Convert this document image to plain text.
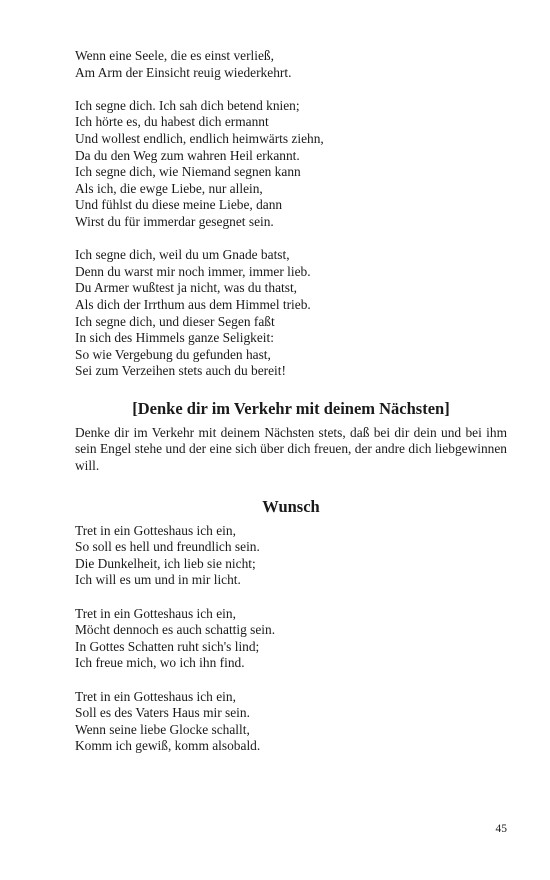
Wenn eine Seele, die es einst verließ,
Am Arm der Einsicht reuig wiederkehrt.
Ich segne dich. Ich sah dich betend knien;
Ich hörte es, du habest dich ermannt
Und wollest endlich, endlich heimwärts ziehn,
Da du den Weg zum wahren Heil erkannt.
Ich segne dich, wie Niemand segnen kann
Als ich, die ewge Liebe, nur allein,
Und fühlst du diese meine Liebe, dann
Wirst du für immerdar gesegnet sein.
Ich segne dich, weil du um Gnade batst,
Denn du warst mir noch immer, immer lieb.
Du Armer wußtest ja nicht, was du thatst,
Als dich der Irrthum aus dem Himmel trieb.
Ich segne dich, und dieser Segen faßt
In sich des Himmels ganze Seligkeit:
So wie Vergebung du gefunden hast,
Sei zum Verzeihen stets auch du bereit!
[Denke dir im Verkehr mit deinem Nächsten]

Denke dir im Verkehr mit deinem Nächsten stets, daß bei dir dein und bei ihm sein Engel stehe und der eine sich über dich freuen, der andre dich liebgewinnen will.

Wunsch
Tret in ein Gotteshaus ich ein,
So soll es hell und freundlich sein.
Die Dunkelheit, ich lieb sie nicht;
Ich will es um und in mir licht.
Tret in ein Gotteshaus ich ein,
Möcht dennoch es auch schattig sein.
In Gottes Schatten ruht sich's lind;
Ich freue mich, wo ich ihn find.
Tret in ein Gotteshaus ich ein,
Soll es des Vaters Haus mir sein.
Wenn seine liebe Glocke schallt,
Komm ich gewiß, komm alsobald.
45
